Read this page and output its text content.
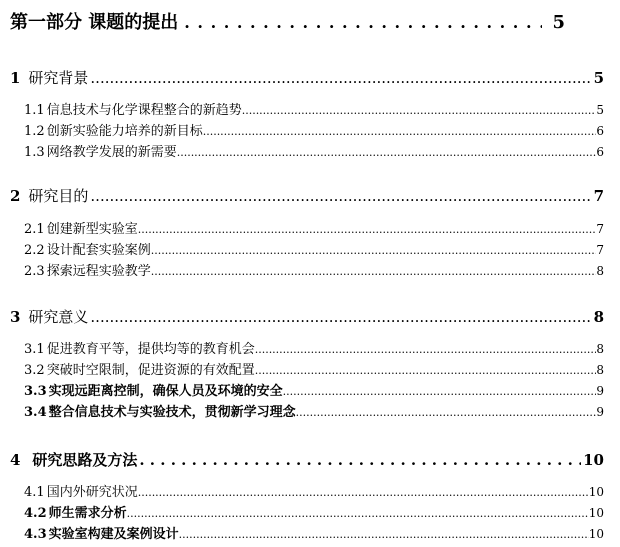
第一部分 课题的提出 . . .	5
1 研究背景 .....	5
1.1 信息技术与化学课程整合的新趋势 .....	5
1.2 创新实验能力培养的新目标 .....	6
1.3 网络教学发展的新需要 .....	6
2 研究目的 .....	7
2.1 创建新型实验室 .....	7
2.2 设计配套实验案例 .....	7
2.3 探索远程实验教学 .....	8
3 研究意义 .....	8
3.1 促进教育平等，提供均等的教育机会 .....	8
3.2 突破时空限制，促进资源的有效配置 .....	8
3.3 实现远距离控制，确保人员及环境的安全 .....	9
3.4 整合信息技术与实验技术，贯彻新学习理念 .....	9
4 研究思路及方法 . . .	10
4.1 国内外研究状况 .....	10
4.2 师生需求分析 .....	10
4.3 实验室构建及案例设计 .....	10
